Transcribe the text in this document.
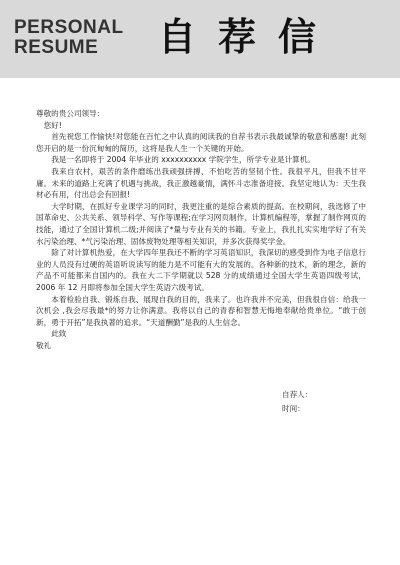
PERSONAL
RESUME	自荐信

尊敬的贵公司领导：

您好!

首先祝您工作愉快!对您能在百忙之中认真的阅读我的自荐书表示我最诚挚的敬意和感谢! 此刻您开启的是一份沉甸甸的简历，这将是我人生一个关键的开始。

我是一名即将于 2004 年毕业的 xxxxxxxxxx 学院学生，所学专业是计算机。

我来自农村，艰苦的条件磨练出我顽强拼搏、不怕吃苦的坚韧个性。我很平凡，但我不甘平庸。未来的道路上充满了机遇与挑战，我正激越豪情，满怀斗志准备迎接。我坚定地认为：天生我材必有用，付出总会有回报!

大学时期，在抓好专业课学习的同时，我更注重的是综合素质的提高。在校期间，我选修了中国革命史、公共关系、领导科学、写作等课程;在学习网页制作、计算机编程等，掌握了制作网页的技能，通过了全国计算机二级;并阅读了*量与专业有关的书籍。专业上，我扎扎实实地学好了有关水污染治理、*气污染治理、固体废物处理等相关知识，并多次获得奖学金。

除了对计算机热爱，在大学四年里我还不断的学习英语知识，我深切的感受到作为电子信息行业的人员没有过硬的英语听说读写的能力是不可能有大的发展的。各种新的技术，新的理念，新的产品不可能都来自国内的。我在大二下学期就以 528 分的成绩通过全国大学生英语四级考试，2006 年 12 月即将参加全国大学生英语六级考试。

本着检验自我、锻炼自我、展现自我的目的，我来了。也许我并不完美，但我很自信：给我一次机会 ,我会尽我最*的努力让你满意。我将以自己的青春和智慧无悔地奉献给贵单位。“敢于创新，勇于开拓”是我执著的追求。“天道酬勤”是我的人生信念。

此致

敬礼

自荐人：
时间：
